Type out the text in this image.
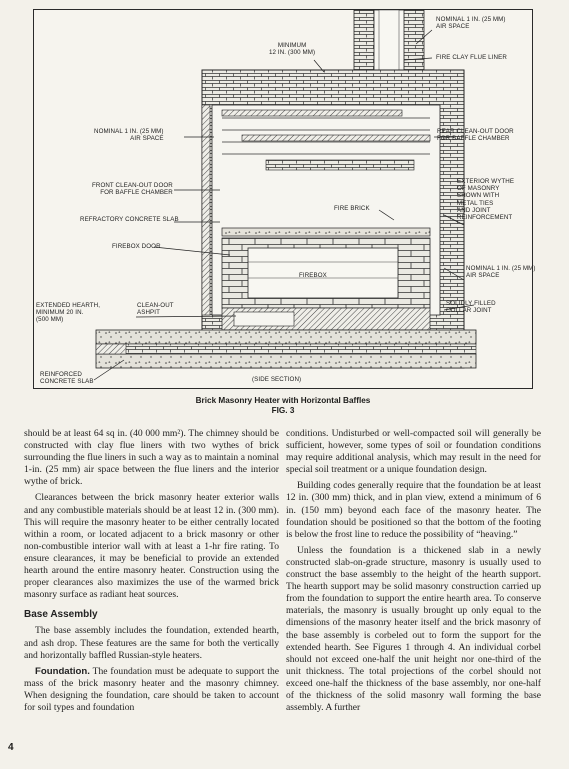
MINIMUM
12 IN. (300 MM)
NOMINAL 1 IN. (25 MM)
AIR SPACE
FIRE CLAY FLUE LINER
NOMINAL 1 IN. (25 MM)
AIR SPACE
REAR CLEAN-OUT DOOR
FOR BAFFLE CHAMBER
FRONT CLEAN-OUT DOOR
FOR BAFFLE CHAMBER
EXTERIOR WYTHE
OF MASONRY
SHOWN WITH
METAL TIES
AND JOINT
REINFORCEMENT
REFRACTORY CONCRETE SLAB
FIRE BRICK
FIREBOX DOOR
FIREBOX
NOMINAL 1 IN. (25 MM)
AIR SPACE
EXTENDED HEARTH,
MINIMUM 20 IN.
(500 MM)
CLEAN-OUT
ASHPIT
SOLIDLY FILLED
COLLAR JOINT
REINFORCED
CONCRETE SLAB	(SIDE SECTION)
Brick Masonry Heater with Horizontal Baffles
FIG. 3

should be at least 64 sq in. (40 000 mm²). The chimney should be constructed with clay flue liners with two wythes of brick surrounding the flue liners in such a way as to maintain a nominal 1-in. (25 mm) air space between the flue liners and the interior wythe of brick.

Clearances between the brick masonry heater exterior walls and any combustible materials should be at least 12 in. (300 mm). This will require the masonry heater to be either centrally located within a room, or located adjacent to a brick masonry or other non-combustible interior wall with at least a 1-hr fire rating. To ensure clearances, it may be beneficial to provide an extended hearth around the entire masonry heater. Construction using the proper clearances also maximizes the use of the warmed brick masonry surface as radiant heat sources.

Base Assembly

The base assembly includes the foundation, extended hearth, and ash drop. These features are the same for both the vertically and horizontally baffled Russian-style heaters.

Foundation. The foundation must be adequate to support the mass of the brick masonry heater and the masonry chimney. When designing the foundation, care should be taken to account for soil types and foundation

conditions. Undisturbed or well-compacted soil will generally be sufficient, however, some types of soil or foundation conditions may require additional analysis, which may result in the need for special soil treatment or a unique foundation design.

Building codes generally require that the foundation be at least 12 in. (300 mm) thick, and in plan view, extend a minimum of 6 in. (150 mm) beyond each face of the masonry heater. The foundation should be positioned so that the bottom of the footing is below the frost line to reduce the possibility of “heaving.”

Unless the foundation is a thickened slab in a newly constructed slab-on-grade structure, masonry is usually used to construct the base assembly to the height of the hearth support. The hearth support may be solid masonry construction carried up from the foundation to support the entire hearth area. To conserve materials, the masonry is usually brought up only equal to the dimensions of the masonry heater itself and the brick masonry of the base assembly is corbeled out to form the support for the extended hearth. See Figures 1 through 4. An individual corbel should not exceed one-half the unit height nor one-third of the unit thickness. The total projections of the corbel should not exceed one-half the thickness of the base assembly, nor one-half of the thickness of the solid masonry wall forming the base assembly. A further

4
